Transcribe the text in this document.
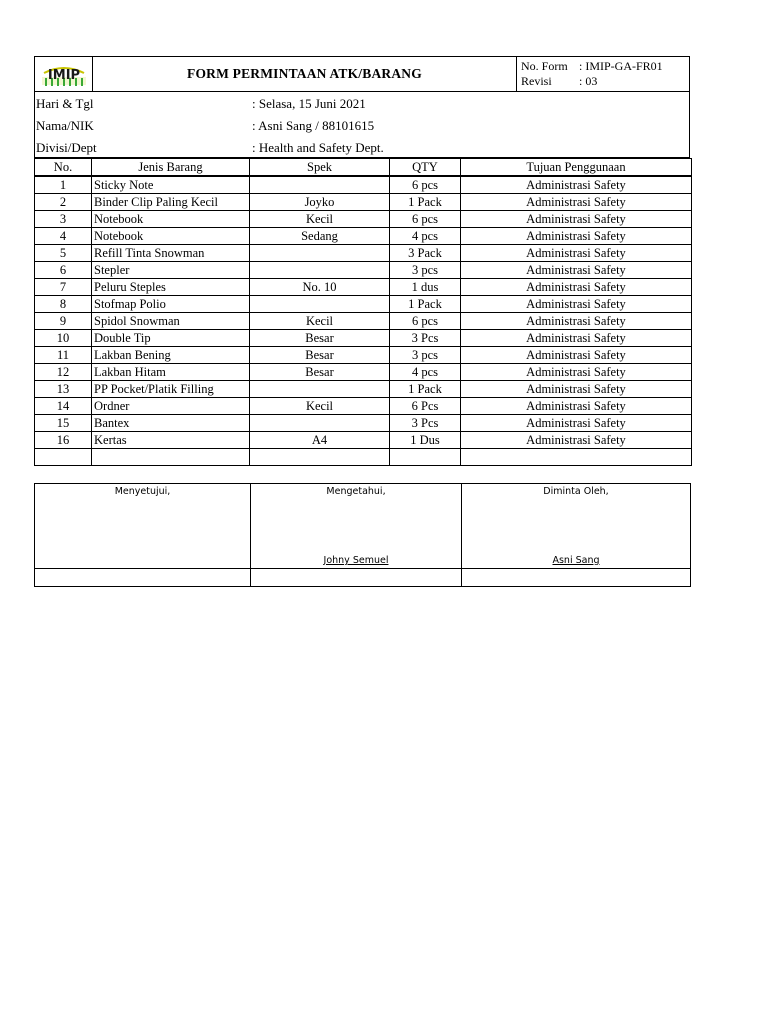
IMIP	FORM PERMINTAAN ATK/BARANG	No. Form : IMIP-GA-FR01
Revisi	: 03
Hari & Tgl	: Selasa, 15 Juni 2021
Nama/NIK	: Asni Sang / 88101615
Divisi/Dept	: Health and Safety Dept.
No.	Jenis Barang	Spek	QTY	Tujuan Penggunaan
1	Sticky Note		6 pcs	Administrasi Safety
2	Binder Clip Paling Kecil	Joyko	1 Pack	Administrasi Safety
3	Notebook	Kecil	6 pcs	Administrasi Safety
4	Notebook	Sedang	4 pcs	Administrasi Safety
5	Refill Tinta Snowman		3 Pack	Administrasi Safety
6	Stepler		3 pcs	Administrasi Safety
7	Peluru Steples	No. 10	1 dus	Administrasi Safety
8	Stofmap Polio		1 Pack	Administrasi Safety
9	Spidol Snowman	Kecil	6 pcs	Administrasi Safety
10	Double Tip	Besar	3 Pcs	Administrasi Safety
11	Lakban Bening	Besar	3 pcs	Administrasi Safety
12	Lakban Hitam	Besar	4 pcs	Administrasi Safety
13	PP Pocket/Platik Filling		1 Pack	Administrasi Safety
14	Ordner	Kecil	6 Pcs	Administrasi Safety
15	Bantex		3 Pcs	Administrasi Safety
16	Kertas	A4	1 Dus	Administrasi Safety

Menyetujui,	Mengetahui,	Diminta Oleh,
	Johny Semuel	Asni Sang
